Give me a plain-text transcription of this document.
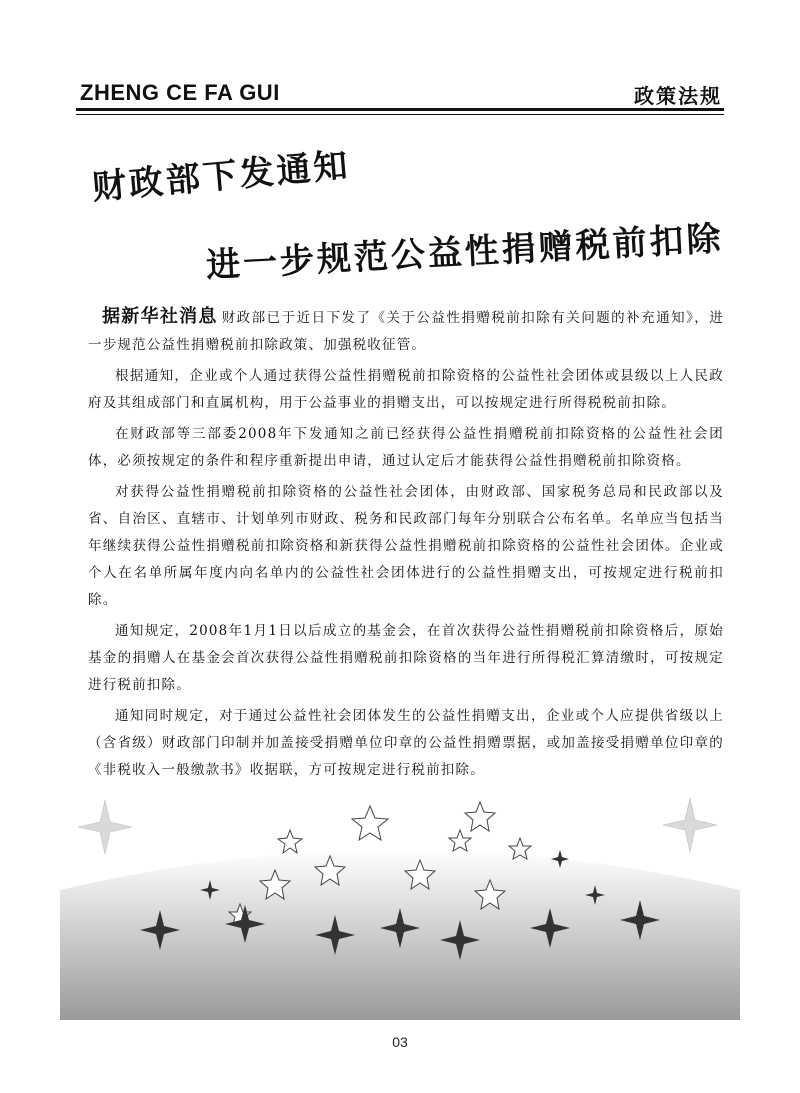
ZHENG CE FA GUI	政策法规
财政部下发通知
进一步规范公益性捐赠税前扣除

据新华社消息 财政部已于近日下发了《关于公益性捐赠税前扣除有关问题的补充通知》，进一步规范公益性捐赠税前扣除政策、加强税收征管。

根据通知，企业或个人通过获得公益性捐赠税前扣除资格的公益性社会团体或县级以上人民政府及其组成部门和直属机构，用于公益事业的捐赠支出，可以按规定进行所得税税前扣除。

在财政部等三部委2008年下发通知之前已经获得公益性捐赠税前扣除资格的公益性社会团体，必须按规定的条件和程序重新提出申请，通过认定后才能获得公益性捐赠税前扣除资格。

对获得公益性捐赠税前扣除资格的公益性社会团体，由财政部、国家税务总局和民政部以及省、自治区、直辖市、计划单列市财政、税务和民政部门每年分别联合公布名单。名单应当包括当年继续获得公益性捐赠税前扣除资格和新获得公益性捐赠税前扣除资格的公益性社会团体。企业或个人在名单所属年度内向名单内的公益性社会团体进行的公益性捐赠支出，可按规定进行税前扣除。

通知规定，2008年1月1日以后成立的基金会，在首次获得公益性捐赠税前扣除资格后，原始基金的捐赠人在基金会首次获得公益性捐赠税前扣除资格的当年进行所得税汇算清缴时，可按规定进行税前扣除。

通知同时规定，对于通过公益性社会团体发生的公益性捐赠支出，企业或个人应提供省级以上（含省级）财政部门印制并加盖接受捐赠单位印章的公益性捐赠票据，或加盖接受捐赠单位印章的《非税收入一般缴款书》收据联，方可按规定进行税前扣除。

03
